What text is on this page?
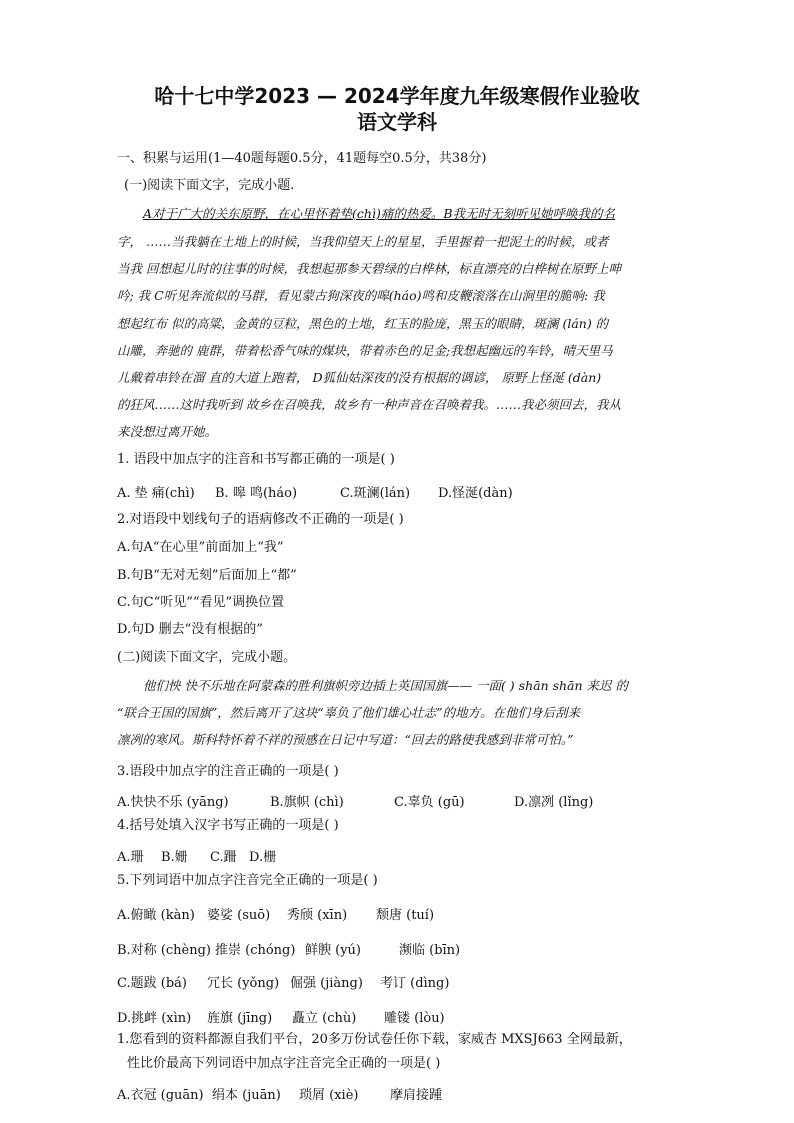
哈十七中学2023 — 2024学年度九年级寒假作业验收
语文学科
一、积累与运用(1—40题每题0.5分，41题每空0.5分，共38分)
(一)阅读下面文字，完成小题.
A对于广大的关东原野，在心里怀着垫(chì)痛的热爱。B我无时无刻听见她呼唤我的名
字， ……当我躺在土地上的时候，当我仰望天上的星星，手里握着一把泥土的时候，或者
当我 回想起儿时的往事的时候，我想起那参天碧绿的白桦林，标直漂亮的白桦树在原野上呻
吟; 我 C听见奔流似的马群，看见蒙古狗深夜的嗥(háo)鸣和皮鞭滚落在山涧里的脆响: 我
想起红布 似的高粱，金黄的豆粒，黑色的土地，红玉的脸庞，黑玉的眼睛，斑澜 (lán) 的
山雕，奔驰的 鹿群，带着松香气味的煤块，带着赤色的足金;我想起幽远的车铃，晴天里马
儿戴着串铃在溜 直的大道上跑着， D狐仙姑深夜的没有根据的调谚， 原野上怪涎 (dàn)
的狂风……这时我听到 故乡在召唤我，故乡有一种声音在召唤着我。……我必须回去，我从
来没想过离开她。
1. 语段中加点字的注音和书写都正确的一项是( )
A. 垫 痛(chì) B. 嗥 鸣(háo)	C.斑澜(lán) D.怪涎(dàn)
2.对语段中划线句子的语病修改不正确的一项是( )
A.句A“在心里”前面加上“我”
B.句B“无对无刻”后面加上“都”
C.句C“听见”“看见”调换位置
D.句D 删去“没有根据的”
(二)阅读下面文字，完成小题。
他们怏 快不乐地在阿蒙森的胜利旗帜旁边插上英国国旗—— 一面( ) shān shān 来迟 的
“联合王国的国旗”，然后离开了这块“辜负了他们雄心壮志”的地方。在他们身后刮来
凛冽的寒风。斯科特怀着不祥的预感在日记中写道：“回去的路使我感到非常可怕。”
3.语段中加点字的注音正确的一项是( )
A.快快不乐 (yāng)	B.旗帜 (chì)	C.辜负 (gū)	D.凛冽 (lǐng)
4.括号处填入汉字书写正确的一项是( )
A.珊 B.姗 C.跚 D.栅
5.下列词语中加点字注音完全正确的一项是( )
A.俯瞰 (kàn) 婆娑 (suō) 秀颀 (xīn) 颓唐 (tuí)
B.对称 (chèng) 推崇 (chóng) 鲜腴 (yú)	濒临 (bīn)
C.题跋 (bá) 冗长 (yǒng) 倔强 (jiàng) 考订 (dìng)
D.挑衅 (xìn) 旌旗 (jīng) 矗立 (chù) 雕镂 (lòu)
1.您看到的资料都源自我们平台，20多万份试卷任你下载，家威杏 MXSJ663 全网最新，
性比价最高下列词语中加点字注音完全正确的一项是( )
A.衣冠 (guān) 绢本 (juān) 琐屑 (xiè) 摩肩接踵
